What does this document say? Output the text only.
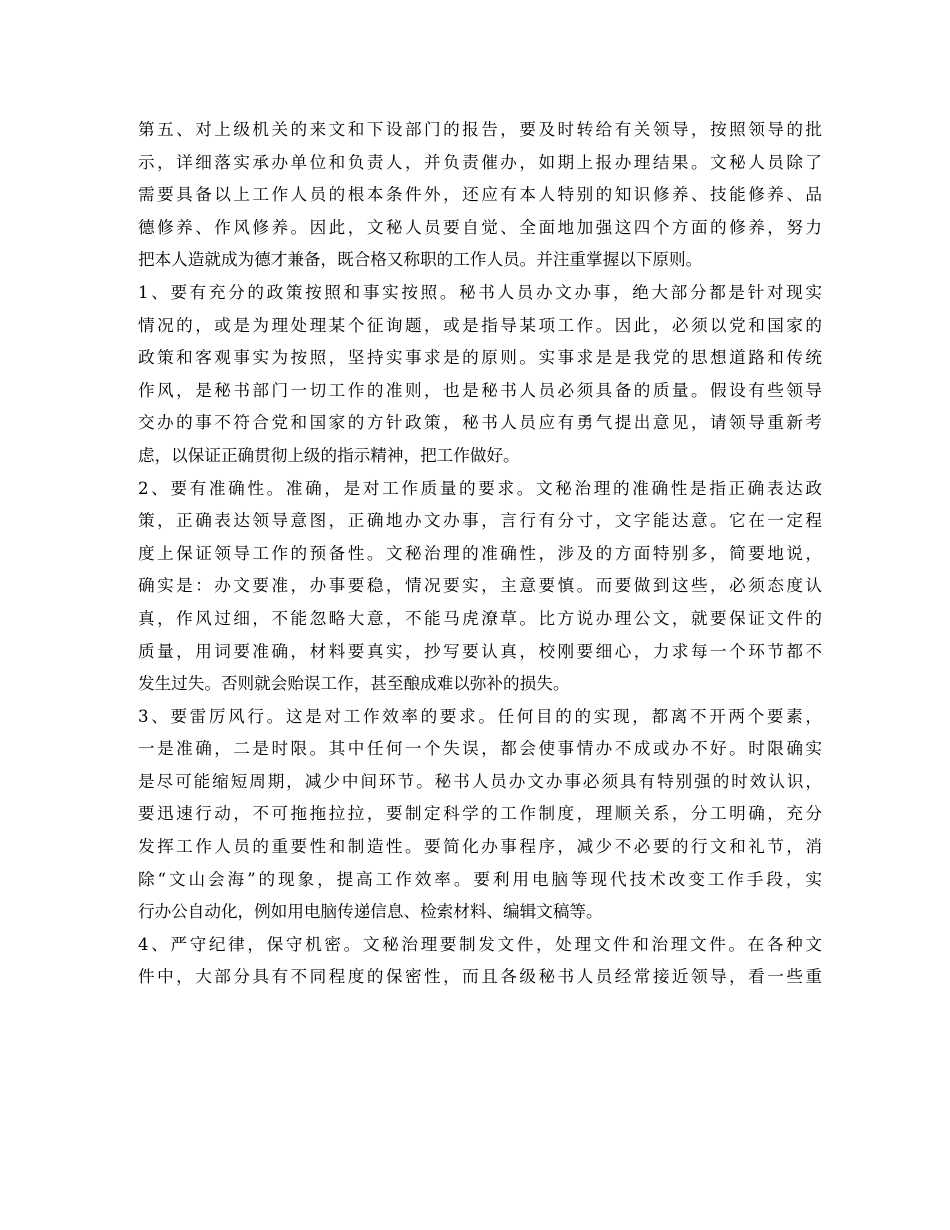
第五、对上级机关的来文和下设部门的报告，要及时转给有关领导，按照领导的批
示，详细落实承办单位和负责人，并负责催办，如期上报办理结果。文秘人员除了
需要具备以上工作人员的根本条件外，还应有本人特别的知识修养、技能修养、品
德修养、作风修养。因此，文秘人员要自觉、全面地加强这四个方面的修养，努力
把本人造就成为德才兼备，既合格又称职的工作人员。并注重掌握以下原则。
1、要有充分的政策按照和事实按照。秘书人员办文办事，绝大部分都是针对现实
情况的，或是为理处理某个征询题，或是指导某项工作。因此，必须以党和国家的
政策和客观事实为按照，坚持实事求是的原则。实事求是是我党的思想道路和传统
作风，是秘书部门一切工作的准则，也是秘书人员必须具备的质量。假设有些领导
交办的事不符合党和国家的方针政策，秘书人员应有勇气提出意见，请领导重新考
虑，以保证正确贯彻上级的指示精神，把工作做好。
2、要有准确性。准确，是对工作质量的要求。文秘治理的准确性是指正确表达政
策，正确表达领导意图，正确地办文办事，言行有分寸，文字能达意。它在一定程
度上保证领导工作的预备性。文秘治理的准确性，涉及的方面特别多，简要地说，
确实是：办文要准，办事要稳，情况要实，主意要慎。而要做到这些，必须态度认
真，作风过细，不能忽略大意，不能马虎潦草。比方说办理公文，就要保证文件的
质量，用词要准确，材料要真实，抄写要认真，校刚要细心，力求每一个环节都不
发生过失。否则就会贻误工作，甚至酿成难以弥补的损失。
3、要雷厉风行。这是对工作效率的要求。任何目的的实现，都离不开两个要素，
一是准确，二是时限。其中任何一个失误，都会使事情办不成或办不好。时限确实
是尽可能缩短周期，减少中间环节。秘书人员办文办事必须具有特别强的时效认识，
要迅速行动，不可拖拖拉拉，要制定科学的工作制度，理顺关系，分工明确，充分
发挥工作人员的重要性和制造性。要简化办事程序，减少不必要的行文和礼节，消
除“文山会海”的现象，提高工作效率。要利用电脑等现代技术改变工作手段，实
行办公自动化，例如用电脑传递信息、检索材料、编辑文稿等。
4、严守纪律，保守机密。文秘治理要制发文件，处理文件和治理文件。在各种文
件中，大部分具有不同程度的保密性，而且各级秘书人员经常接近领导，看一些重
